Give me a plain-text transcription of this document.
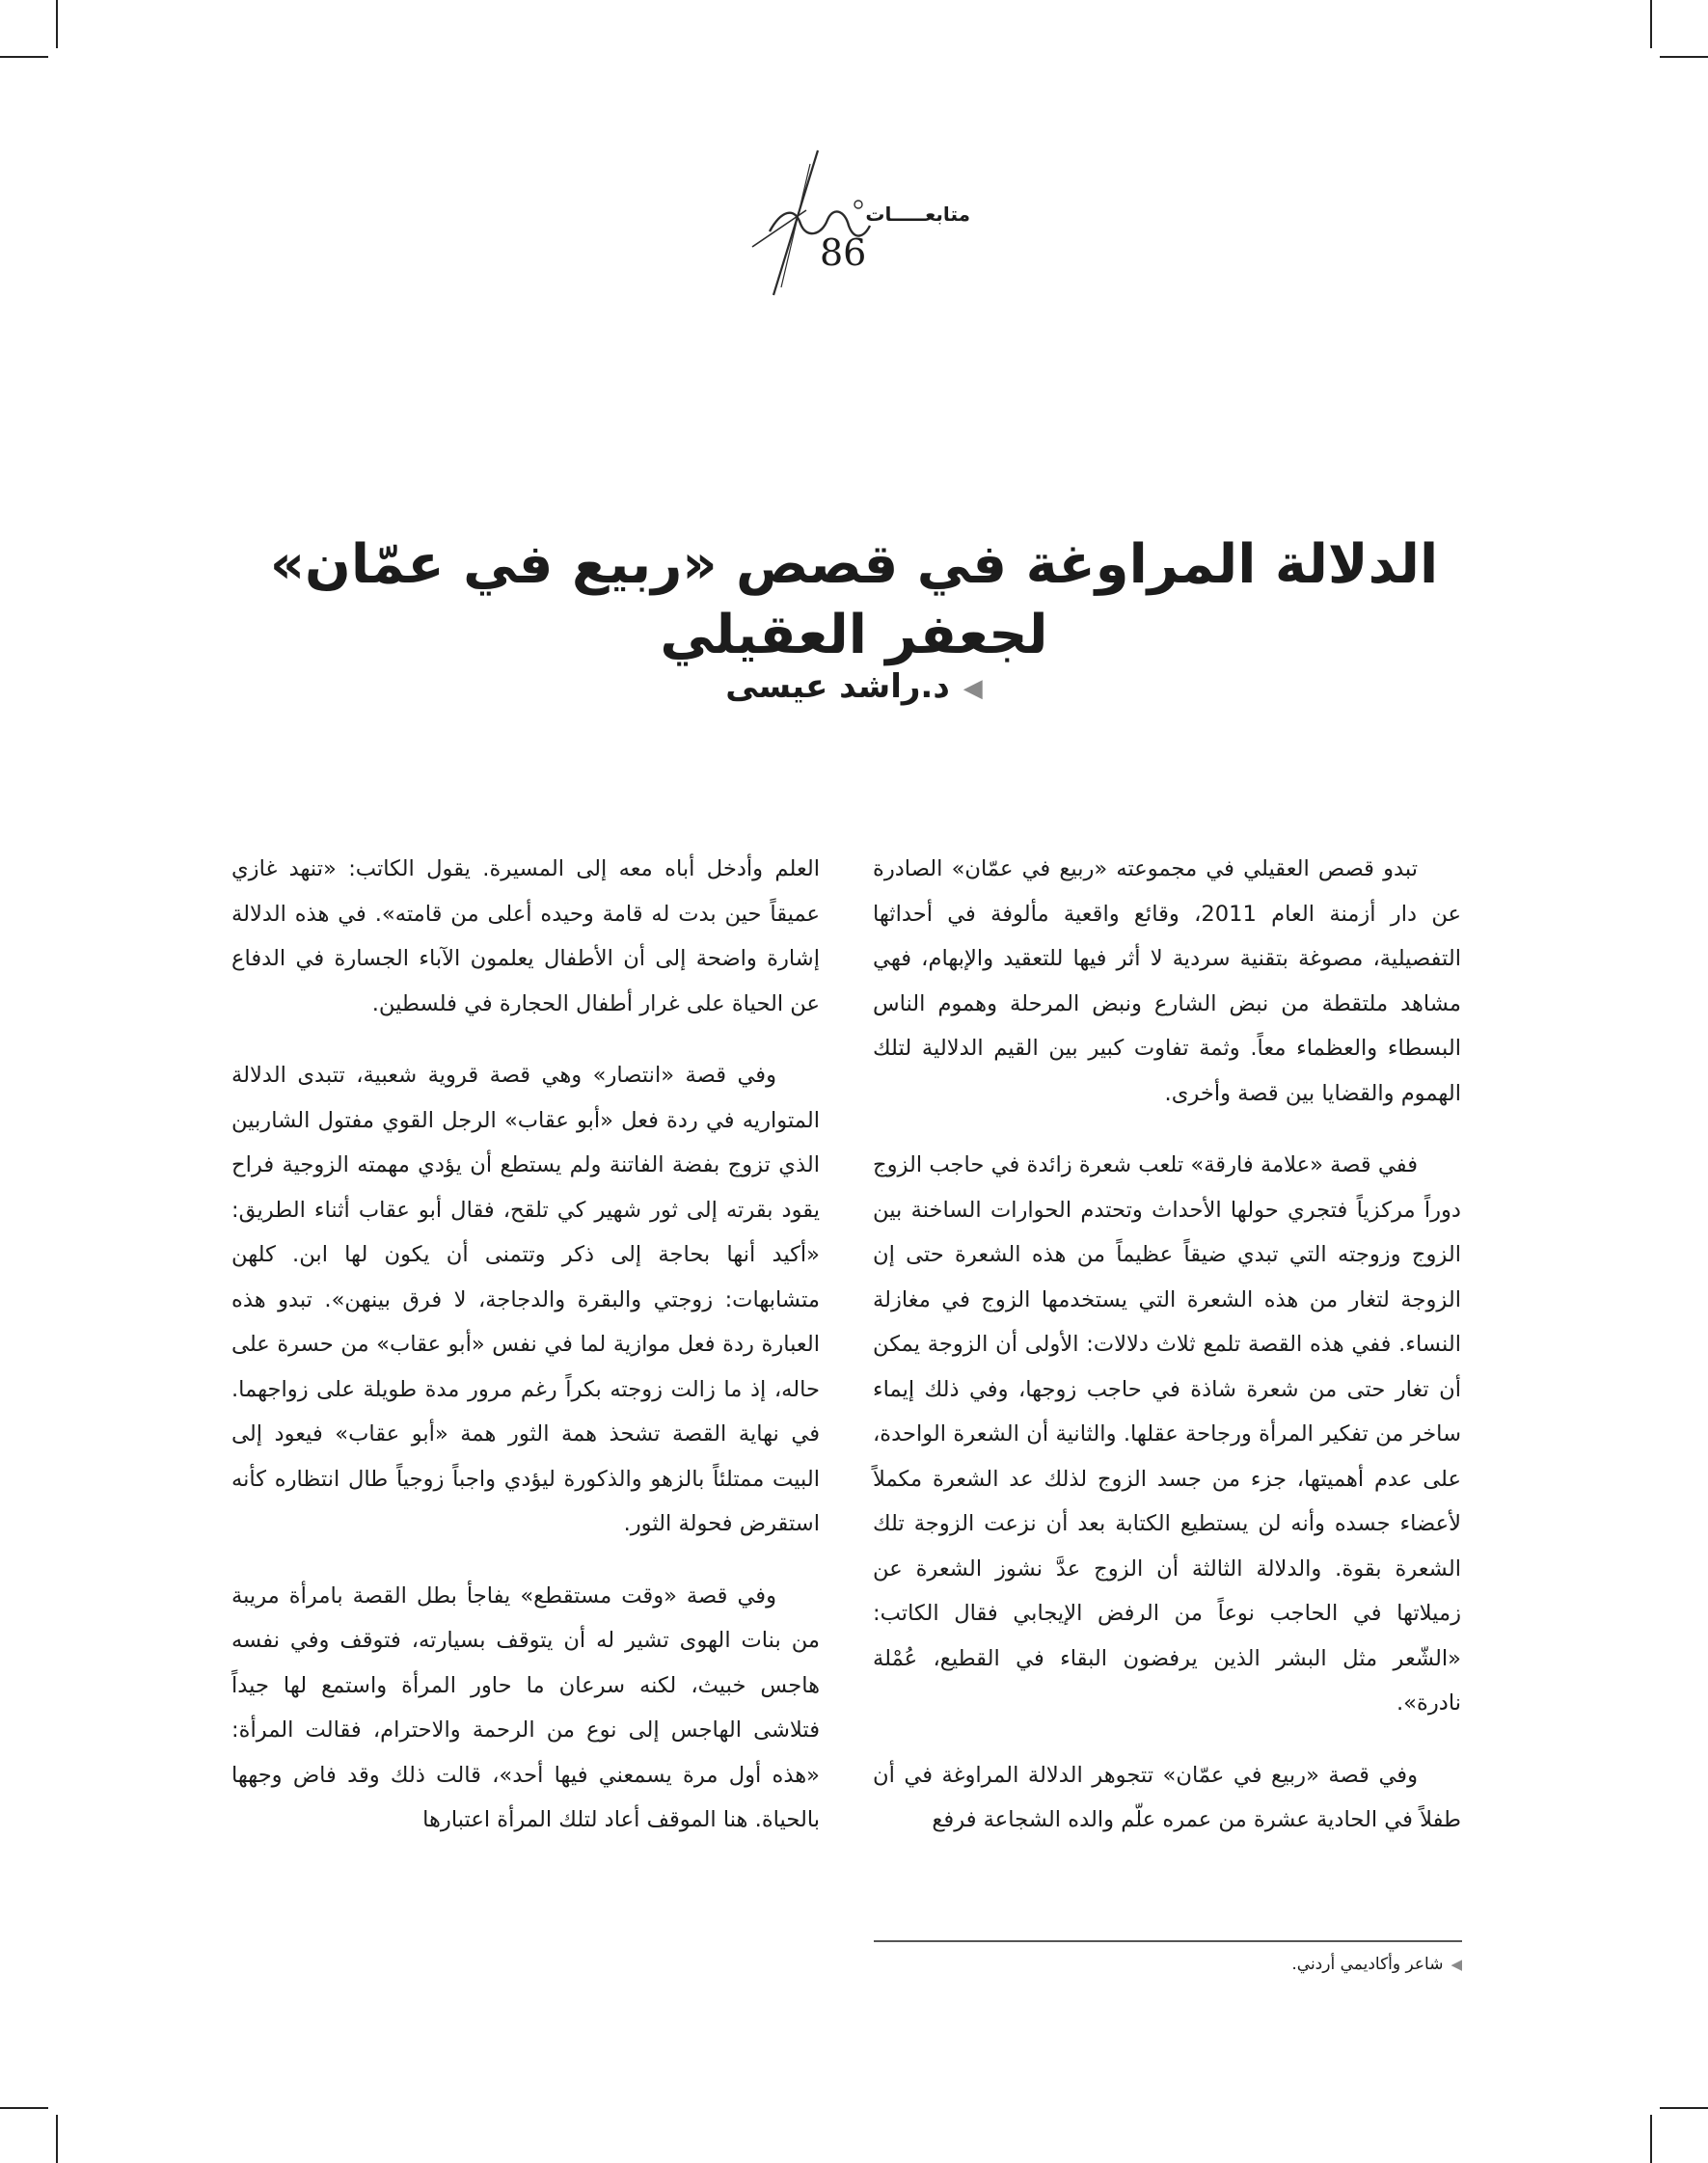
متابعـــــات
86
الدلالة المراوغة في قصص «ربيع في عمّان» لجعفر العقيلي
◀د.راشد عيسى

تبدو قصص العقيلي في مجموعته «ربيع في عمّان» الصادرة عن دار أزمنة العام 2011، وقائع واقعية مألوفة في أحداثها التفصيلية، مصوغة بتقنية سردية لا أثر فيها للتعقيد والإبهام، فهي مشاهد ملتقطة من نبض الشارع ونبض المرحلة وهموم الناس البسطاء والعظماء معاً. وثمة تفاوت كبير بين القيم الدلالية لتلك الهموم والقضايا بين قصة وأخرى.

ففي قصة «علامة فارقة» تلعب شعرة زائدة في حاجب الزوج دوراً مركزياً فتجري حولها الأحداث وتحتدم الحوارات الساخنة بين الزوج وزوجته التي تبدي ضيقاً عظيماً من هذه الشعرة حتى إن الزوجة لتغار من هذه الشعرة التي يستخدمها الزوج في مغازلة النساء. ففي هذه القصة تلمع ثلاث دلالات: الأولى أن الزوجة يمكن أن تغار حتى من شعرة شاذة في حاجب زوجها، وفي ذلك إيماء ساخر من تفكير المرأة ورجاحة عقلها. والثانية أن الشعرة الواحدة، على عدم أهميتها، جزء من جسد الزوج لذلك عد الشعرة مكملاً لأعضاء جسده وأنه لن يستطيع الكتابة بعد أن نزعت الزوجة تلك الشعرة بقوة. والدلالة الثالثة أن الزوج عدَّ نشوز الشعرة عن زميلاتها في الحاجب نوعاً من الرفض الإيجابي فقال الكاتب: «الشّعر مثل البشر الذين يرفضون البقاء في القطيع، عُمْلة نادرة».

وفي قصة «ربيع في عمّان» تتجوهر الدلالة المراوغة في أن طفلاً في الحادية عشرة من عمره علّم والده الشجاعة فرفع

العلم وأدخل أباه معه إلى المسيرة. يقول الكاتب: «تنهد غازي عميقاً حين بدت له قامة وحيده أعلى من قامته». في هذه الدلالة إشارة واضحة إلى أن الأطفال يعلمون الآباء الجسارة في الدفاع عن الحياة على غرار أطفال الحجارة في فلسطين.

وفي قصة «انتصار» وهي قصة قروية شعبية، تتبدى الدلالة المتواريه في ردة فعل «أبو عقاب» الرجل القوي مفتول الشاربين الذي تزوج بفضة الفاتنة ولم يستطع أن يؤدي مهمته الزوجية فراح يقود بقرته إلى ثور شهير كي تلقح، فقال أبو عقاب أثناء الطريق: «أكيد أنها بحاجة إلى ذكر وتتمنى أن يكون لها ابن. كلهن متشابهات: زوجتي والبقرة والدجاجة، لا فرق بينهن». تبدو هذه العبارة ردة فعل موازية لما في نفس «أبو عقاب» من حسرة على حاله، إذ ما زالت زوجته بكراً رغم مرور مدة طويلة على زواجهما. في نهاية القصة تشحذ همة الثور همة «أبو عقاب» فيعود إلى البيت ممتلئاً بالزهو والذكورة ليؤدي واجباً زوجياً طال انتظاره كأنه استقرض فحولة الثور.

وفي قصة «وقت مستقطع» يفاجأ بطل القصة بامرأة مريبة من بنات الهوى تشير له أن يتوقف بسيارته، فتوقف وفي نفسه هاجس خبيث، لكنه سرعان ما حاور المرأة واستمع لها جيداً فتلاشى الهاجس إلى نوع من الرحمة والاحترام، فقالت المرأة: «هذه أول مرة يسمعني فيها أحد»، قالت ذلك وقد فاض وجهها بالحياة. هنا الموقف أعاد لتلك المرأة اعتبارها

◀شاعر وأكاديمي أردني.
